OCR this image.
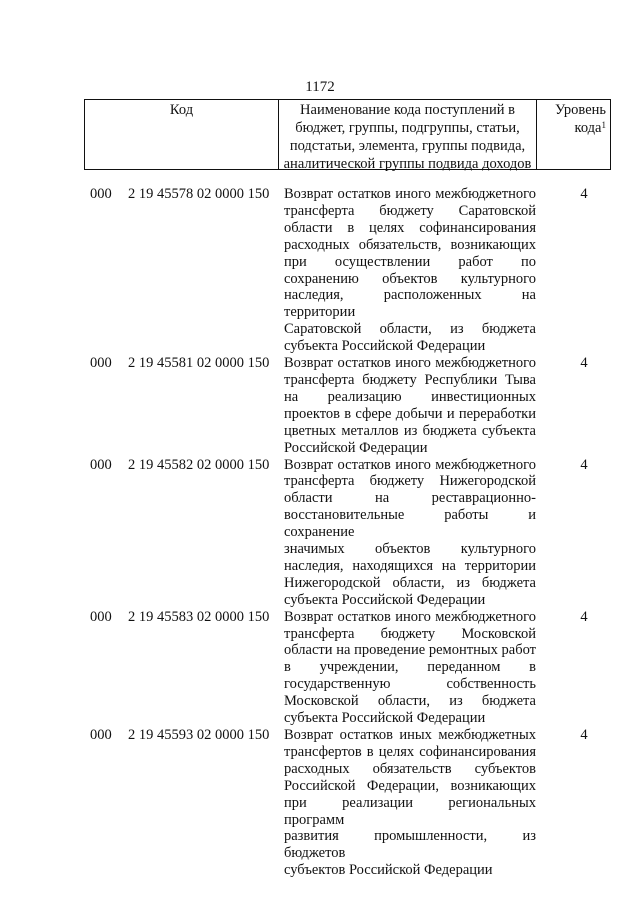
1172
Код	Наименование кода поступлений в
бюджет, группы, подгруппы, статьи,
подстатьи, элемента, группы подвида,
аналитической группы подвида доходов
Уровень
кода$^1$
000	2 19 45578 02 0000 150	Возврат остатков иного межбюджетного
трансферта бюджету Саратовской
области в целях софинансирования
расходных обязательств, возникающих
при осуществлении работ по
сохранению объектов культурного
наследия, расположенных на территории
Саратовской области, из бюджета
субъекта Российской Федерации
4
000	2 19 45581 02 0000 150	Возврат остатков иного межбюджетного
трансферта бюджету Республики Тыва
на реализацию инвестиционных
проектов в сфере добычи и переработки
цветных металлов из бюджета субъекта
Российской Федерации
4
000	2 19 45582 02 0000 150	Возврат остатков иного межбюджетного
трансферта бюджету Нижегородской
области на реставрационно-
восстановительные работы и сохранение
значимых объектов культурного
наследия, находящихся на территории
Нижегородской области, из бюджета
субъекта Российской Федерации
4
000	2 19 45583 02 0000 150	Возврат остатков иного межбюджетного
трансферта бюджету Московской
области на проведение ремонтных работ
в учреждении, переданном в
государственную собственность
Московской области, из бюджета
субъекта Российской Федерации
4
000	2 19 45593 02 0000 150	Возврат остатков иных межбюджетных
трансфертов в целях софинансирования
расходных обязательств субъектов
Российской Федерации, возникающих
при реализации региональных программ
развития промышленности, из бюджетов
субъектов Российской Федерации
4
